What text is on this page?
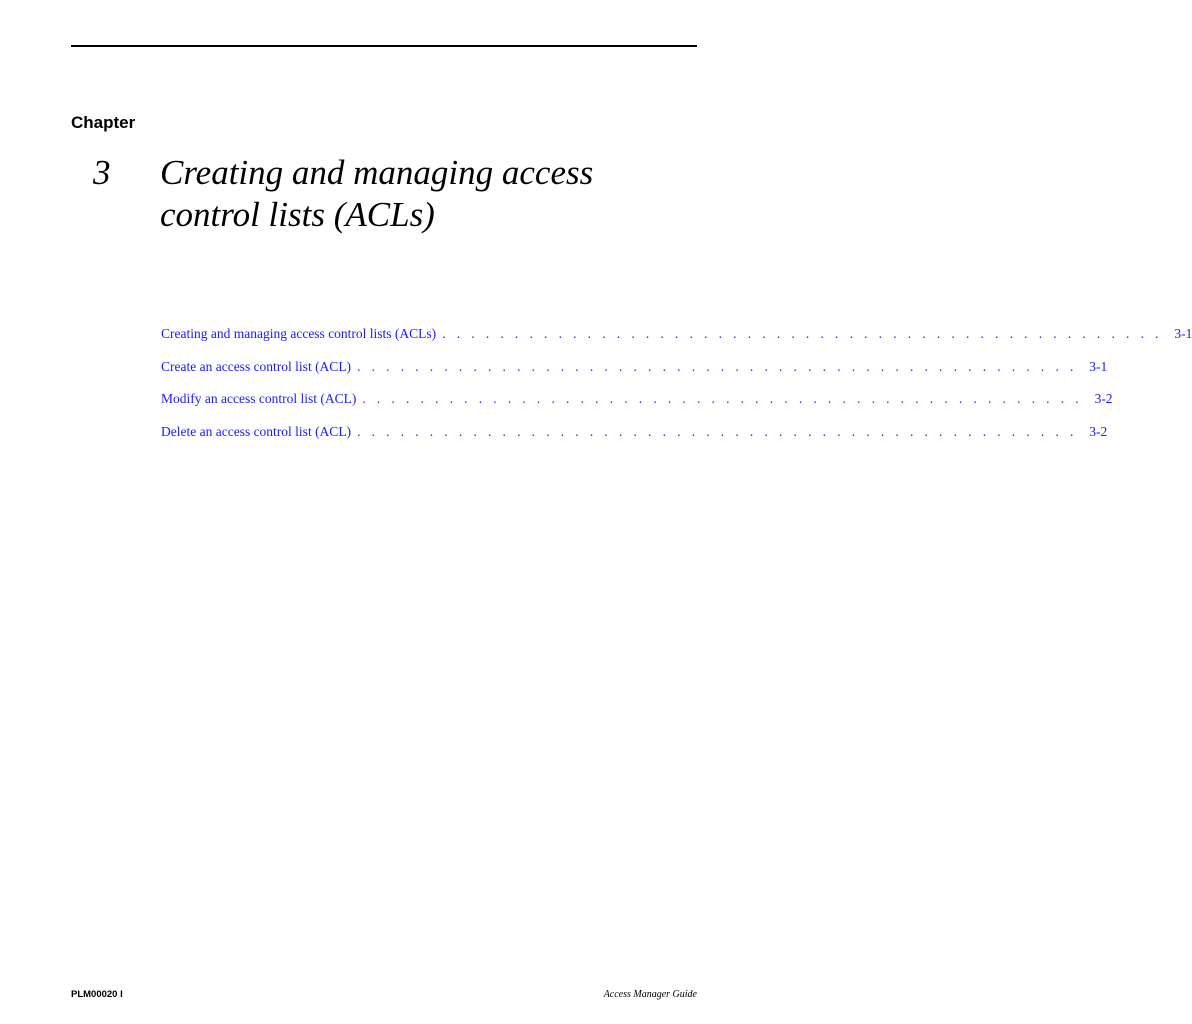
Chapter
3 Creating and managing access
control lists (ACLs)
Creating and managing access control lists (ACLs) . . . . . . . . . . . . . . . . . . . . . . . . . . . . . . . . . . . . . . . . . . . . . . . . . . 3-1
Create an access control list (ACL) . . . . . . . . . . . . . . . . . . . . . . . . . . . . . . . . . . . . . . . . . . . . . . . . . . 3-1
Modify an access control list (ACL) . . . . . . . . . . . . . . . . . . . . . . . . . . . . . . . . . . . . . . . . . . . . . . . . . . 3-2
Delete an access control list (ACL) . . . . . . . . . . . . . . . . . . . . . . . . . . . . . . . . . . . . . . . . . . . . . . . . . . 3-2
PLM00020 I	Access Manager Guide
